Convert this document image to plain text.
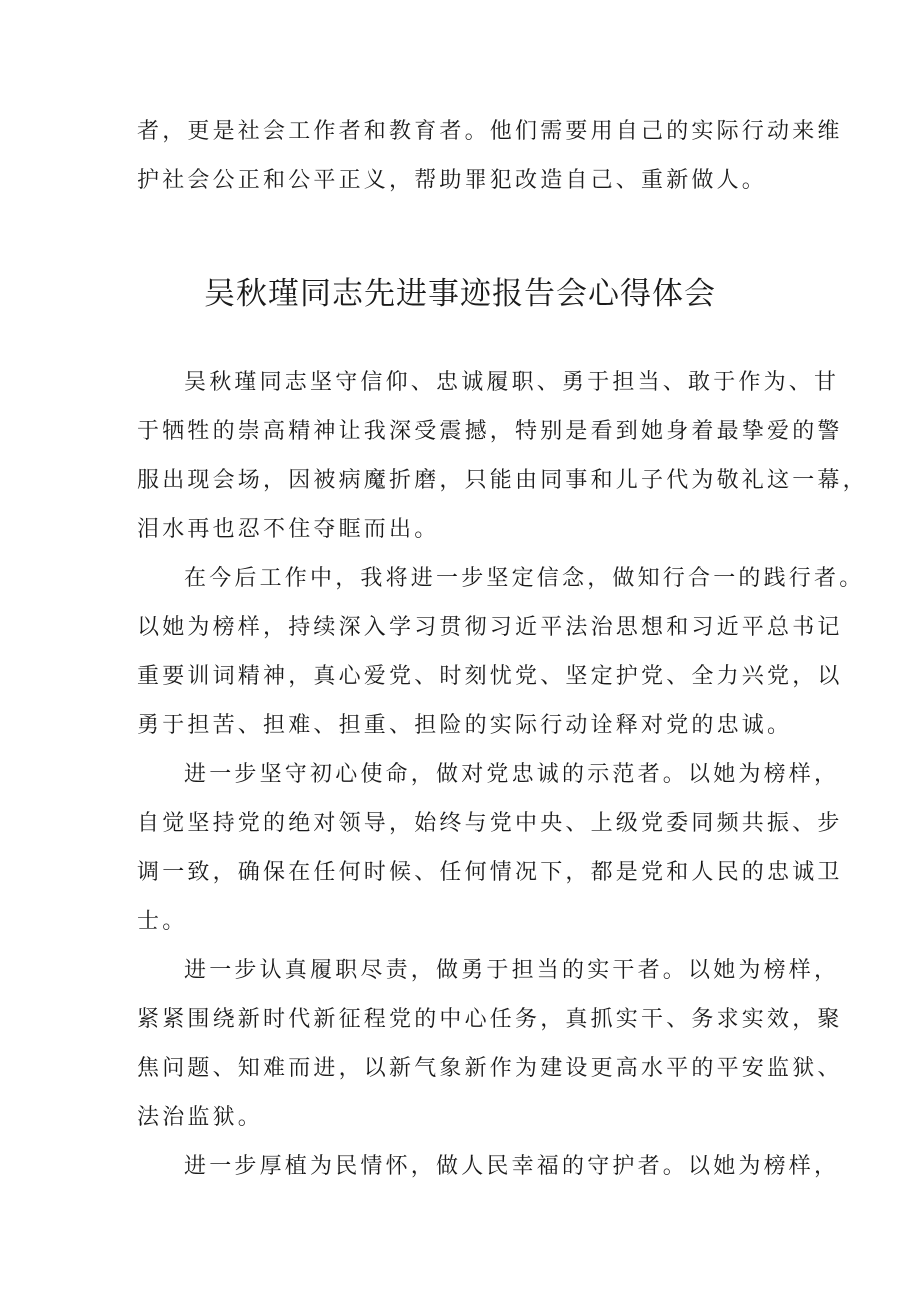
者，更是社会工作者和教育者。他们需要用自己的实际行动来维
护社会公正和公平正义，帮助罪犯改造自己、重新做人。
吴秋瑾同志先进事迹报告会心得体会
吴秋瑾同志坚守信仰、忠诚履职、勇于担当、敢于作为、甘
于牺牲的崇高精神让我深受震撼，特别是看到她身着最挚爱的警
服出现会场，因被病魔折磨，只能由同事和儿子代为敬礼这一幕，
泪水再也忍不住夺眶而出。
在今后工作中，我将进一步坚定信念，做知行合一的践行者。
以她为榜样，持续深入学习贯彻习近平法治思想和习近平总书记
重要训词精神，真心爱党、时刻忧党、坚定护党、全力兴党，以
勇于担苦、担难、担重、担险的实际行动诠释对党的忠诚。
进一步坚守初心使命，做对党忠诚的示范者。以她为榜样，
自觉坚持党的绝对领导，始终与党中央、上级党委同频共振、步
调一致，确保在任何时候、任何情况下，都是党和人民的忠诚卫
士。
进一步认真履职尽责，做勇于担当的实干者。以她为榜样，
紧紧围绕新时代新征程党的中心任务，真抓实干、务求实效，聚
焦问题、知难而进，以新气象新作为建设更高水平的平安监狱、
法治监狱。
进一步厚植为民情怀，做人民幸福的守护者。以她为榜样，
